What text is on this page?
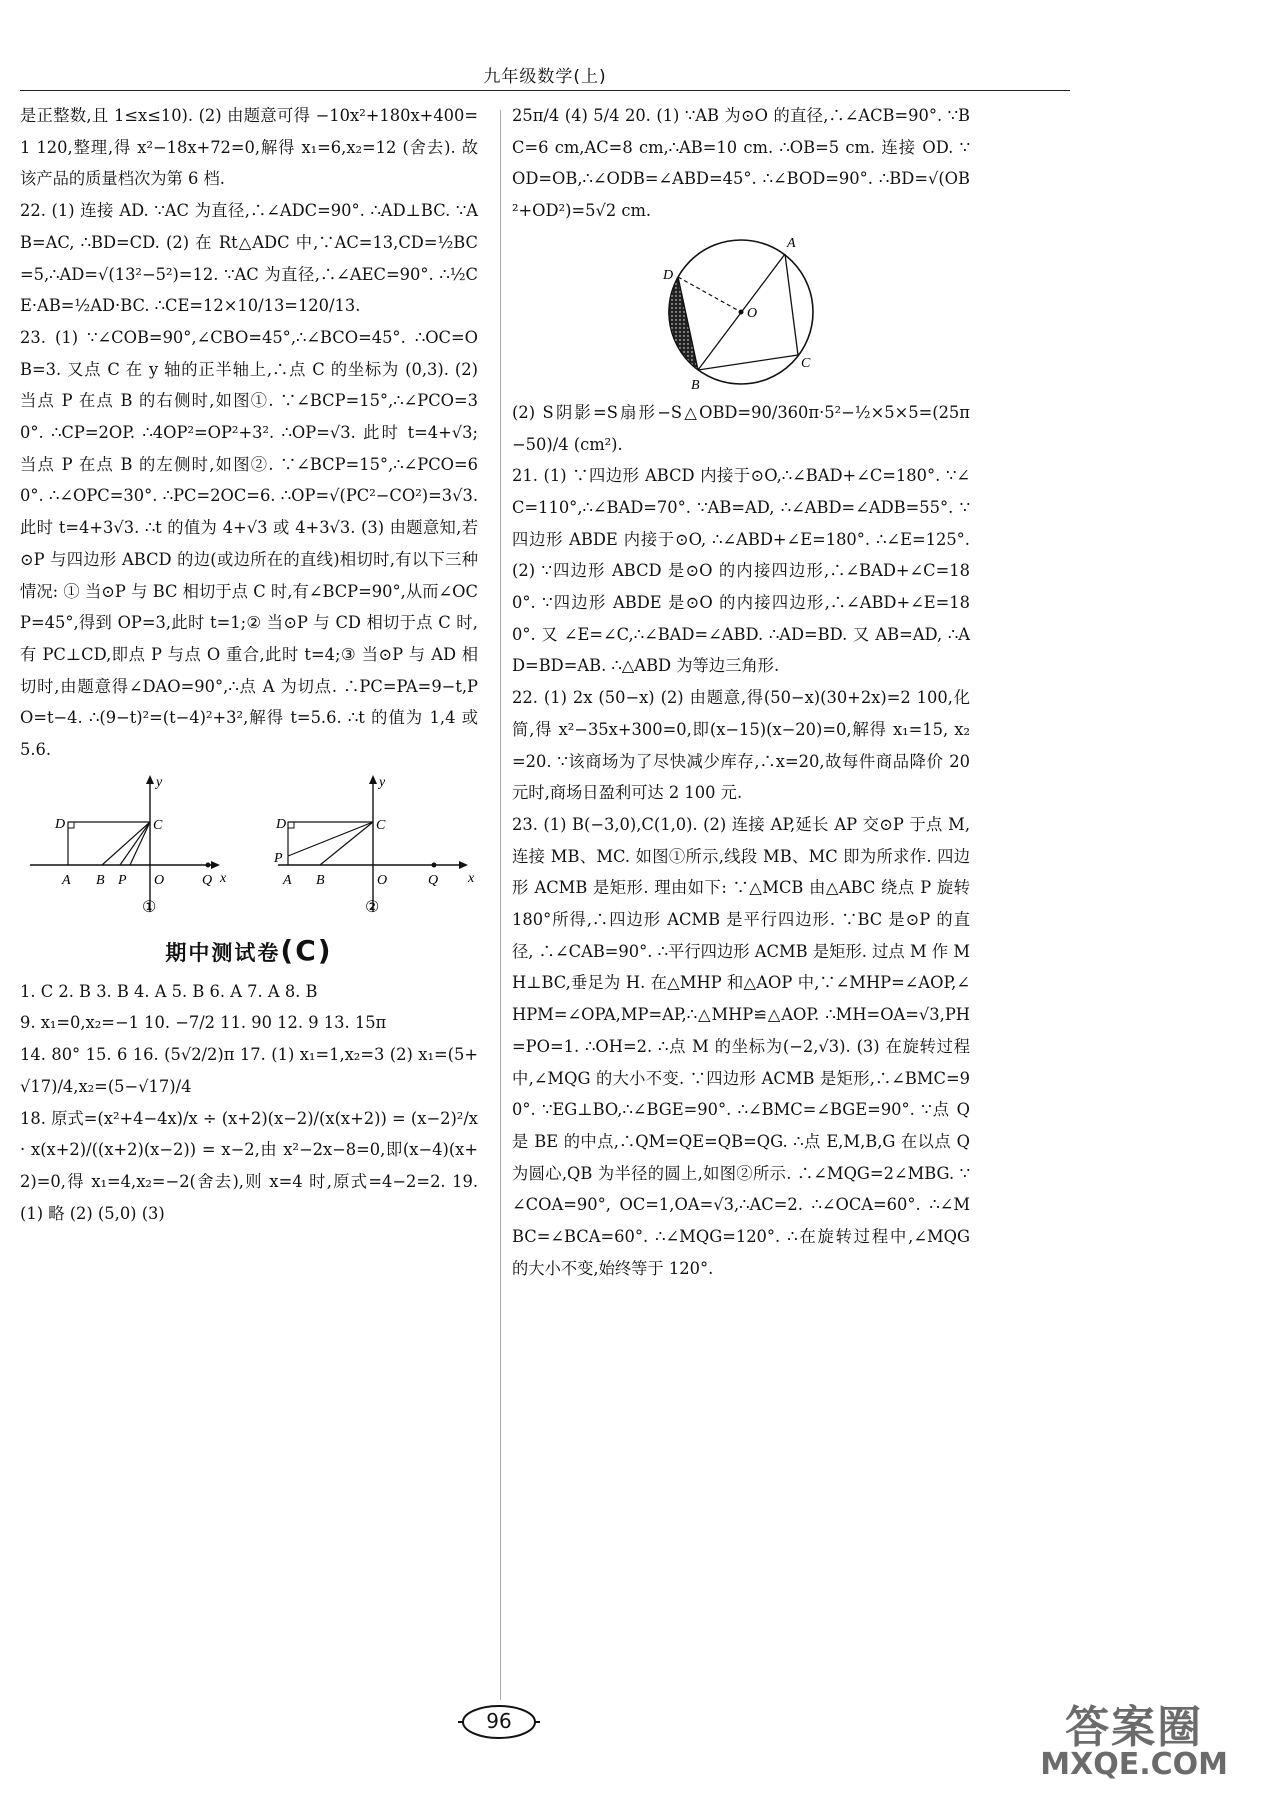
九年级数学(上)

是正整数,且 1≤x≤10). (2) 由题意可得 −10x²+180x+400=1 120,整理,得 x²−18x+72=0,解得 x₁=6,x₂=12 (舍去). 故该产品的质量档次为第 6 档.

22. (1) 连接 AD. ∵AC 为直径,∴∠ADC=90°. ∴AD⊥BC. ∵AB=AC, ∴BD=CD. (2) 在 Rt△ADC 中,∵AC=13,CD=½BC=5,∴AD=√(13²−5²)=12. ∵AC 为直径,∴∠AEC=90°. ∴½CE·AB=½AD·BC. ∴CE=12×10/13=120/13.

23. (1) ∵∠COB=90°,∠CBO=45°,∴∠BCO=45°. ∴OC=OB=3. 又点 C 在 y 轴的正半轴上,∴点 C 的坐标为 (0,3). (2) 当点 P 在点 B 的右侧时,如图①. ∵∠BCP=15°,∴∠PCO=30°. ∴CP=2OP. ∴4OP²=OP²+3². ∴OP=√3. 此时 t=4+√3;当点 P 在点 B 的左侧时,如图②. ∵∠BCP=15°,∴∠PCO=60°. ∴∠OPC=30°. ∴PC=2OC=6. ∴OP=√(PC²−CO²)=3√3. 此时 t=4+3√3. ∴t 的值为 4+√3 或 4+3√3. (3) 由题意知,若⊙P 与四边形 ABCD 的边(或边所在的直线)相切时,有以下三种情况: ① 当⊙P 与 BC 相切于点 C 时,有∠BCP=90°,从而∠OCP=45°,得到 OP=3,此时 t=1;② 当⊙P 与 CD 相切于点 C 时,有 PC⊥CD,即点 P 与点 O 重合,此时 t=4;③ 当⊙P 与 AD 相切时,由题意得∠DAO=90°,∴点 A 为切点. ∴PC=PA=9−t,PO=t−4. ∴(9−t)²=(t−4)²+3²,解得 t=5.6. ∴t 的值为 1,4 或 5.6.

y
D	C
A B P O	Q x
①
y
D	C
P
A B	O	Q x
②
期中测试卷(C)

1. C 2. B 3. B 4. A 5. B 6. A 7. A 8. B

9. x₁=0,x₂=−1 10. −7/2 11. 90 12. 9 13. 15π

14. 80° 15. 6 16. (5√2/2)π 17. (1) x₁=1,x₂=3 (2) x₁=(5+√17)/4,x₂=(5−√17)/4

18. 原式=(x²+4−4x)/x ÷ (x+2)(x−2)/(x(x+2)) = (x−2)²/x · x(x+2)/((x+2)(x−2)) = x−2,由 x²−2x−8=0,即(x−4)(x+2)=0,得 x₁=4,x₂=−2(舍去),则 x=4 时,原式=4−2=2. 19. (1) 略 (2) (5,0) (3)

25π/4 (4) 5/4 20. (1) ∵AB 为⊙O 的直径,∴∠ACB=90°. ∵BC=6 cm,AC=8 cm,∴AB=10 cm. ∴OB=5 cm. 连接 OD. ∵OD=OB,∴∠ODB=∠ABD=45°. ∴∠BOD=90°. ∴BD=√(OB²+OD²)=5√2 cm.

A
D
O
B
C

(2) S阴影=S扇形−S△OBD=90/360π·5²−½×5×5=(25π−50)/4 (cm²).

21. (1) ∵四边形 ABCD 内接于⊙O,∴∠BAD+∠C=180°. ∵∠C=110°,∴∠BAD=70°. ∵AB=AD, ∴∠ABD=∠ADB=55°. ∵四边形 ABDE 内接于⊙O, ∴∠ABD+∠E=180°. ∴∠E=125°. (2) ∵四边形 ABCD 是⊙O 的内接四边形,∴∠BAD+∠C=180°. ∵四边形 ABDE 是⊙O 的内接四边形,∴∠ABD+∠E=180°. 又 ∠E=∠C,∴∠BAD=∠ABD. ∴AD=BD. 又 AB=AD, ∴AD=BD=AB. ∴△ABD 为等边三角形.

22. (1) 2x (50−x) (2) 由题意,得(50−x)(30+2x)=2 100,化简,得 x²−35x+300=0,即(x−15)(x−20)=0,解得 x₁=15, x₂=20. ∵该商场为了尽快减少库存,∴x=20,故每件商品降价 20 元时,商场日盈利可达 2 100 元.

23. (1) B(−3,0),C(1,0). (2) 连接 AP,延长 AP 交⊙P 于点 M,连接 MB、MC. 如图①所示,线段 MB、MC 即为所求作. 四边形 ACMB 是矩形. 理由如下: ∵△MCB 由△ABC 绕点 P 旋转 180°所得,∴四边形 ACMB 是平行四边形. ∵BC 是⊙P 的直径, ∴∠CAB=90°. ∴平行四边形 ACMB 是矩形. 过点 M 作 MH⊥BC,垂足为 H. 在△MHP 和△AOP 中,∵∠MHP=∠AOP,∠HPM=∠OPA,MP=AP,∴△MHP≌△AOP. ∴MH=OA=√3,PH=PO=1. ∴OH=2. ∴点 M 的坐标为(−2,√3). (3) 在旋转过程中,∠MQG 的大小不变. ∵四边形 ACMB 是矩形,∴∠BMC=90°. ∵EG⊥BO,∴∠BGE=90°. ∴∠BMC=∠BGE=90°. ∵点 Q 是 BE 的中点,∴QM=QE=QB=QG. ∴点 E,M,B,G 在以点 Q 为圆心,QB 为半径的圆上,如图②所示. ∴∠MQG=2∠MBG. ∵∠COA=90°, OC=1,OA=√3,∴AC=2. ∴∠OCA=60°. ∴∠MBC=∠BCA=60°. ∴∠MQG=120°. ∴在旋转过程中,∠MQG 的大小不变,始终等于 120°.

96	答案圈
MXQE.COM
